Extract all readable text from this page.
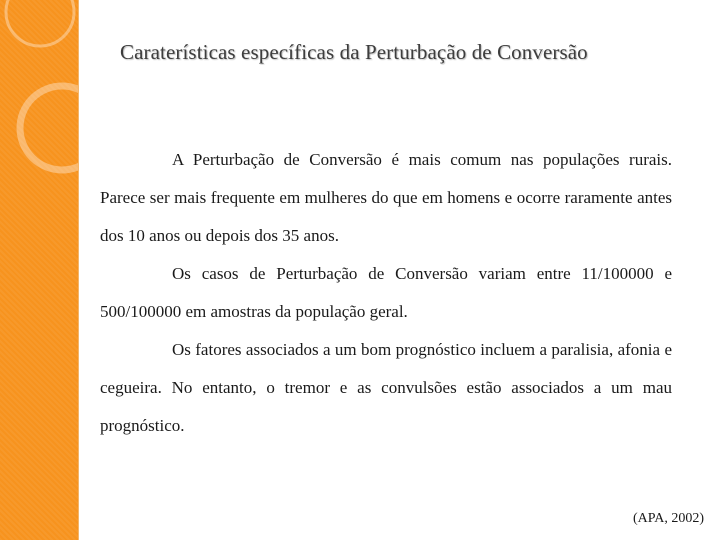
Caraterísticas específicas da Perturbação de Conversão

A Perturbação de Conversão é mais comum nas populações rurais. Parece ser mais frequente em mulheres do que em homens e ocorre raramente antes dos 10 anos ou depois dos 35 anos.

Os casos de Perturbação de Conversão variam entre 11/100000 e 500/100000 em amostras da população geral.

Os fatores associados a um bom prognóstico incluem a paralisia, afonia e cegueira. No entanto, o tremor e as convulsões estão associados a um mau prognóstico.

(APA, 2002)
